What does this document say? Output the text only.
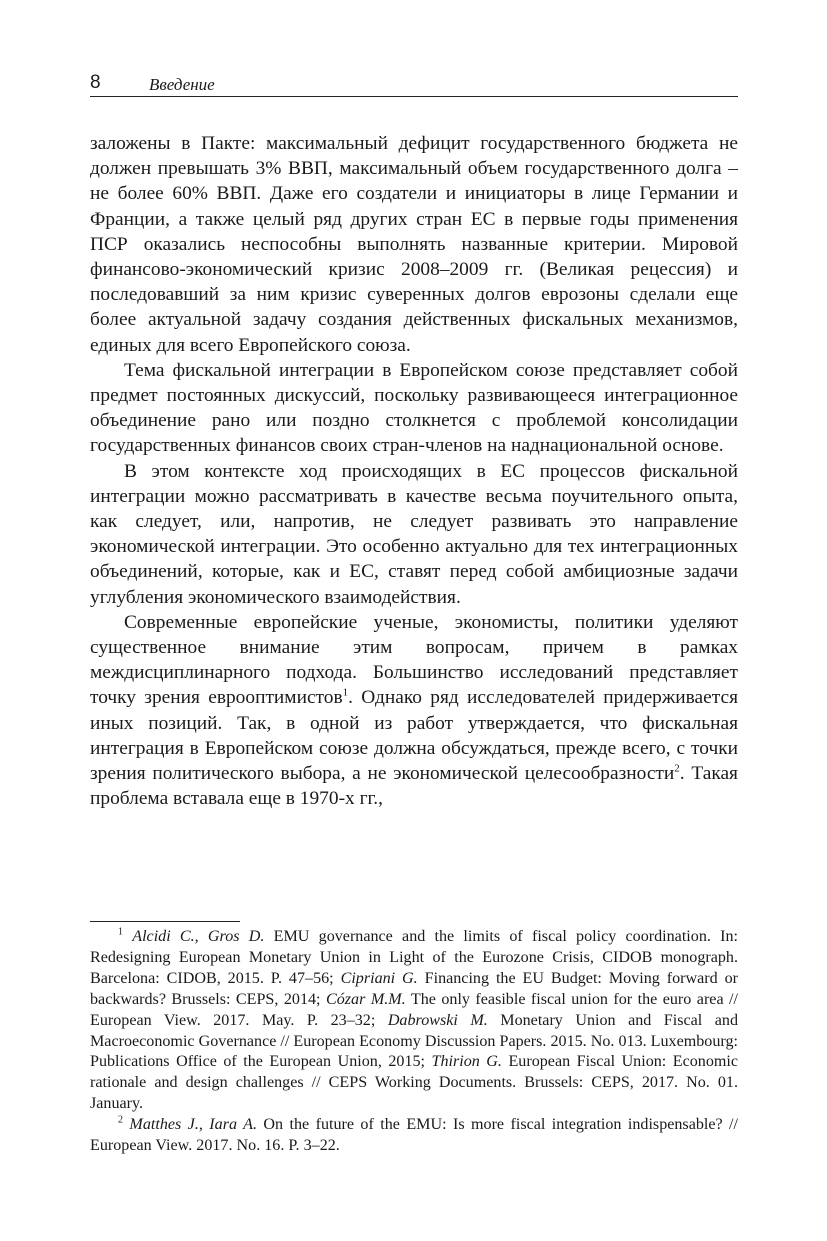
8	Введение

заложены в Пакте: максимальный дефицит государственного бюджета не должен превышать 3% ВВП, максимальный объем государственного долга – не более 60% ВВП. Даже его создатели и инициаторы в лице Германии и Франции, а также целый ряд других стран ЕС в первые годы применения ПСР оказались неспособны выполнять названные критерии. Мировой финансово-экономический кризис 2008–2009 гг. (Великая рецессия) и последовавший за ним кризис суверенных долгов еврозоны сделали еще более актуальной задачу создания действенных фискальных механизмов, единых для всего Европейского союза.

Тема фискальной интеграции в Европейском союзе представляет собой предмет постоянных дискуссий, поскольку развивающееся интеграционное объединение рано или поздно столкнется с проблемой консолидации государственных финансов своих стран-членов на наднациональной основе.

В этом контексте ход происходящих в ЕС процессов фискальной интеграции можно рассматривать в качестве весьма поучительного опыта, как следует, или, напротив, не следует развивать это направление экономической интеграции. Это особенно актуально для тех интеграционных объединений, которые, как и ЕС, ставят перед собой амбициозные задачи углубления экономического взаимодействия.

Современные европейские ученые, экономисты, политики уделяют существенное внимание этим вопросам, причем в рамках междисциплинарного подхода. Большинство исследований представляет точку зрения еврооптимистов$^1$. Однако ряд исследователей придерживается иных позиций. Так, в одной из работ утверждается, что фискальная интеграция в Европейском союзе должна обсуждаться, прежде всего, с точки зрения политического выбора, а не экономической целесообразности$^2$. Такая проблема вставала еще в 1970-х гг.,

$^1$ Alcidi C., Gros D. EMU governance and the limits of fiscal policy coordination. In: Redesigning European Monetary Union in Light of the Eurozone Crisis, CIDOB monograph. Barcelona: CIDOB, 2015. P. 47–56; Cipriani G. Financing the EU Budget: Moving forward or backwards? Brussels: CEPS, 2014; Cózar M.M. The only feasible fiscal union for the euro area // European View. 2017. May. P. 23–32; Dabrowski M. Monetary Union and Fiscal and Macroeconomic Governance // European Economy Discussion Papers. 2015. No. 013. Luxembourg: Publications Office of the European Union, 2015; Thirion G. European Fiscal Union: Economic rationale and design challenges // CEPS Working Documents. Brussels: CEPS, 2017. No. 01. January.

$^2$ Matthes J., Iara A. On the future of the EMU: Is more fiscal integration indispensable? // European View. 2017. No. 16. P. 3–22.
